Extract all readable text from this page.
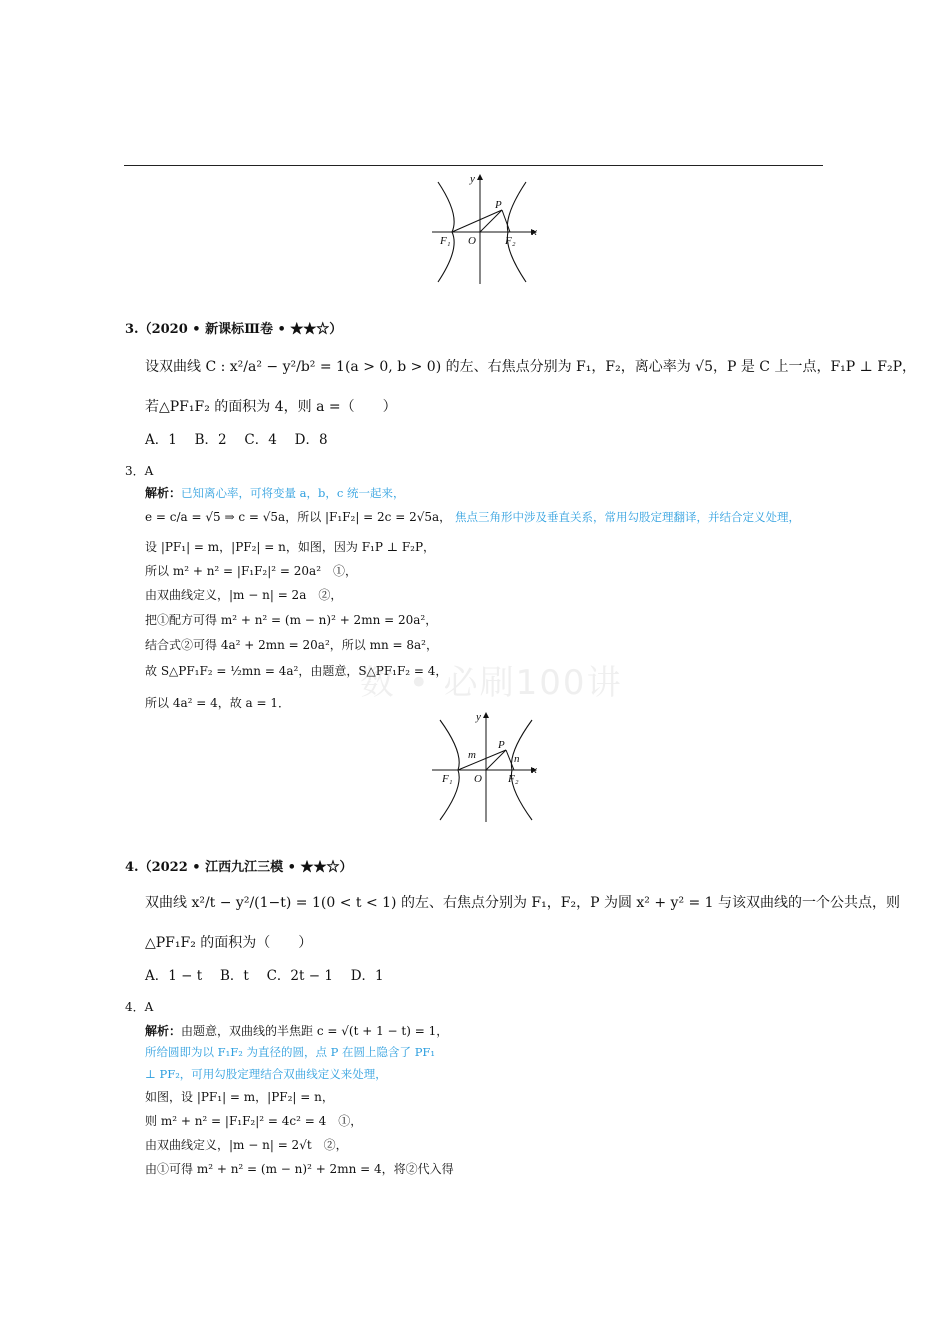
数 • 必刷100讲
y
x
P
F₁ O	F₂
3.（2020 • 新课标Ⅲ卷 • ★★☆）
设双曲线 C : x²/a² − y²/b² = 1(a > 0, b > 0) 的左、右焦点分别为 F₁，F₂，离心率为 √5，P 是 C 上一点，F₁P ⊥ F₂P，
若△PF₁F₂ 的面积为 4，则 a =（　　）
A．1　 B．2　 C．4　 D．8
3．A
解析：已知离心率，可将变量 a，b，c 统一起来，
e = c/a = √5 ⇒ c = √5a，所以 |F₁F₂| = 2c = 2√5a， 焦点三角形中涉及垂直关系，常用勾股定理翻译，并结合定义处理，
设 |PF₁| = m，|PF₂| = n，如图，因为 F₁P ⊥ F₂P，
所以 m² + n² = |F₁F₂|² = 20a²　①，
由双曲线定义，|m − n| = 2a　②，
把①配方可得 m² + n² = (m − n)² + 2mn = 20a²，
结合式②可得 4a² + 2mn = 20a²，所以 mn = 8a²，
故 S△PF₁F₂ = ½mn = 4a²，由题意，S△PF₁F₂ = 4，
所以 4a² = 4，故 a = 1．
y
x
P
m	n
F₁ O F₂
4.（2022 • 江西九江三模 • ★★☆）
双曲线 x²/t − y²/(1−t) = 1(0 < t < 1) 的左、右焦点分别为 F₁，F₂，P 为圆 x² + y² = 1 与该双曲线的一个公共点，则
△PF₁F₂ 的面积为（　　）
A．1 − t　 B．t　 C．2t − 1　 D．1
4．A
解析：由题意，双曲线的半焦距 c = √(t + 1 − t) = 1，
所给圆即为以 F₁F₂ 为直径的圆，点 P 在圆上隐含了 PF₁
⊥ PF₂，可用勾股定理结合双曲线定义来处理，
如图，设 |PF₁| = m，|PF₂| = n，
则 m² + n² = |F₁F₂|² = 4c² = 4　①，
由双曲线定义，|m − n| = 2√t　②，
由①可得 m² + n² = (m − n)² + 2mn = 4，将②代入得
